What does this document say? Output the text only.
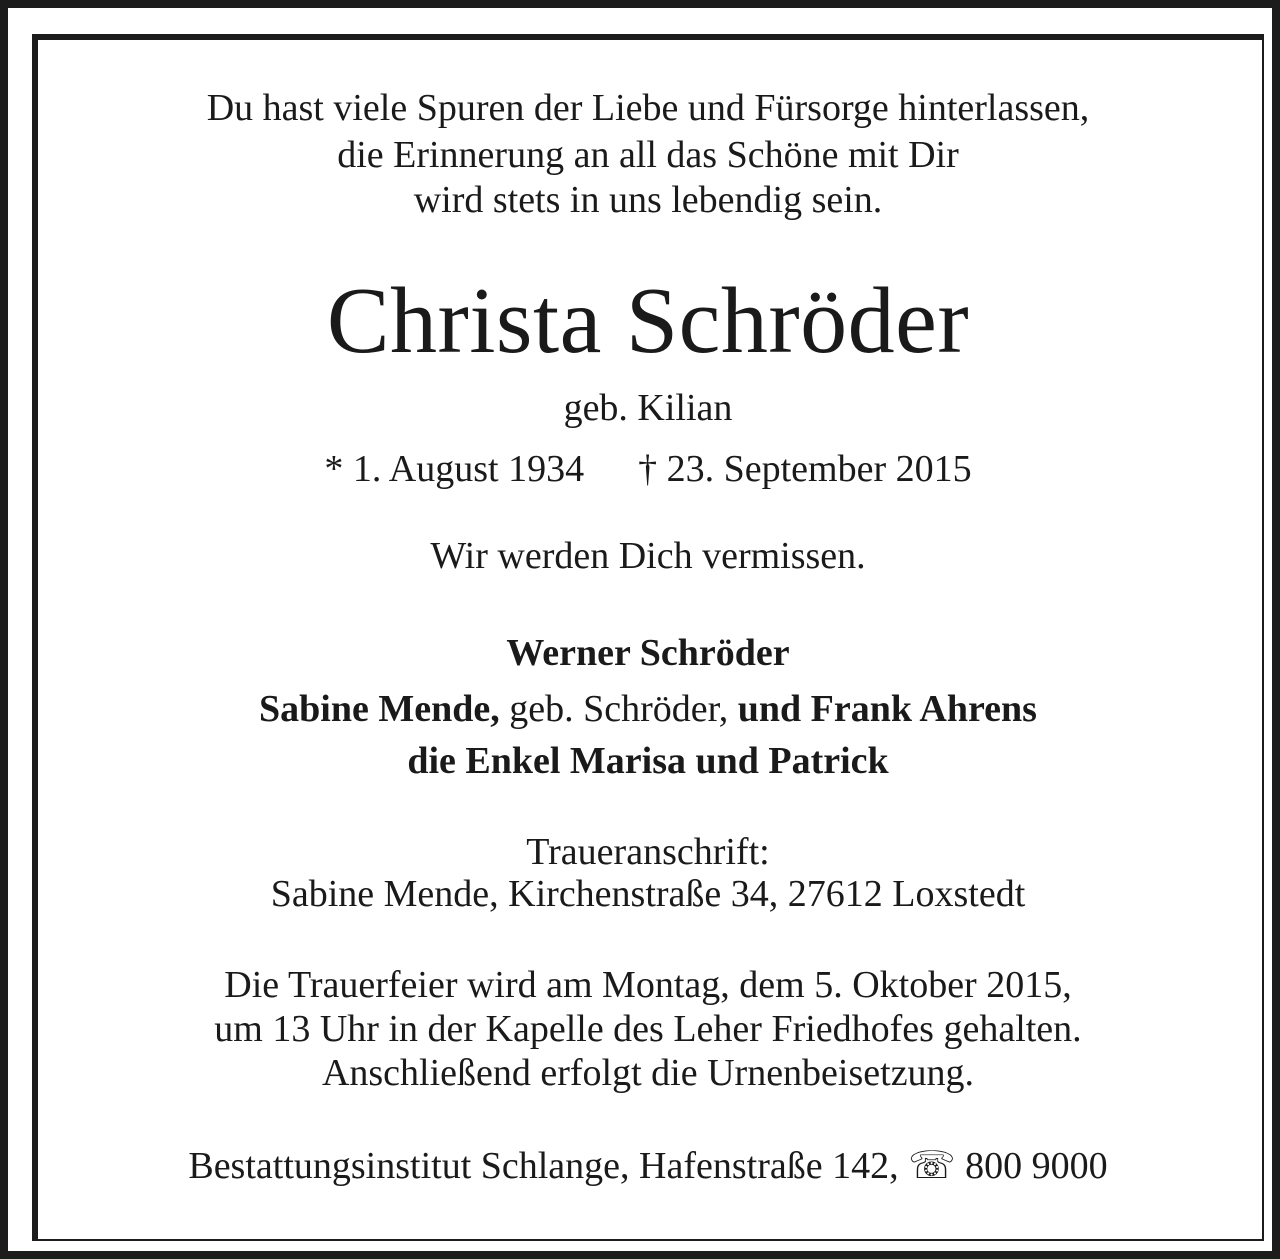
Du hast viele Spuren der Liebe und Fürsorge hinterlassen,
die Erinnerung an all das Schöne mit Dir
wird stets in uns lebendig sein.
Christa Schröder
geb. Kilian
* 1. August 1934 † 23. September 2015
Wir werden Dich vermissen.
Werner Schröder
Sabine Mende, geb. Schröder, und Frank Ahrens
die Enkel Marisa und Patrick
Traueranschrift:
Sabine Mende, Kirchenstraße 34, 27612 Loxstedt
Die Trauerfeier wird am Montag, dem 5. Oktober 2015,
um 13 Uhr in der Kapelle des Leher Friedhofes gehalten.
Anschließend erfolgt die Urnenbeisetzung.
Bestattungsinstitut Schlange, Hafenstraße 142, ☏ 800 9000
